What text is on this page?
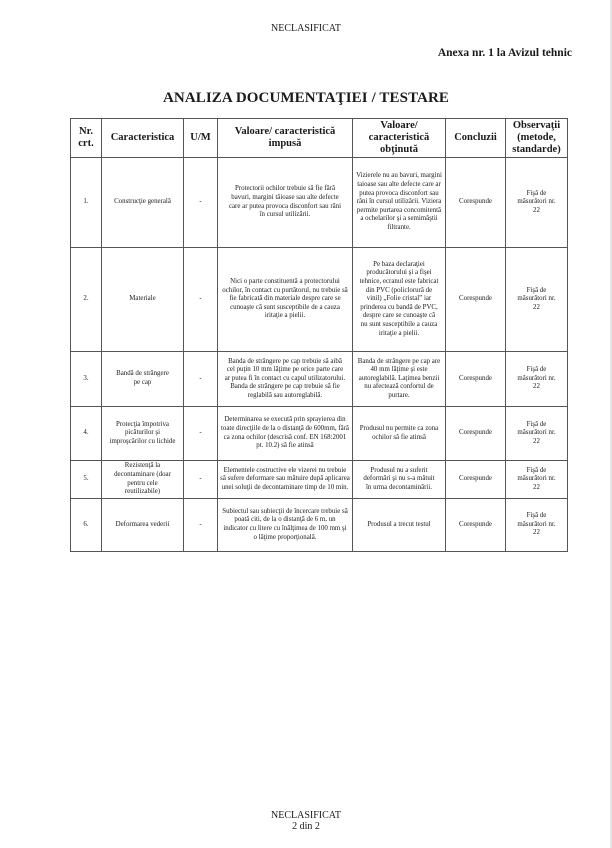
NECLASIFICAT
Anexa nr. 1 la Avizul tehnic
ANALIZA DOCUMENTAŢIEI / TESTARE
Nr. crt.	Caracteristica	U/M	Valoare/ caracteristică impusă	Valoare/ caracteristică obţinută	Concluzii	Observaţii (metode, standarde)
1.	Construcţie generală	-	Protectorii ochilor trebuie să fie fără bavuri, margini tăioase sau alte defecte care ar putea provoca disconfort sau răni în cursul utilizării.	Vizierele nu au bavuri, margini taioase sau alte defecte care ar putea provoca disconfort sau răni în cursul utilizării. Viziera permite purtarea concomitentă a ochelarilor şi a semimăştii filtrante.	Corespunde	Fişă de măsurători nr. 22
2.	Materiale	-	Nici o parte constituentă a protectorului ochilor, în contact cu purtătorul, nu trebuie să fie fabricată din materiale despre care se cunoaşte că sunt susceptibile de a cauza iritaţie a pielii.	Pe baza declaraţiei producătorului şi a fişei tehnice, ecranul este fabricat din PVC (policlorură de vinil) „Folie cristal” iar prinderea cu bandă de PVC, despre care se cunoaşte că nu sunt susceptibile a cauza iritaţie a pielii.	Corespunde	Fişă de măsurători nr. 22
3.	Bandă de strângere pe cap	-	Banda de strângere pe cap trebuie să aibă cel puţin 10 mm lăţime pe orice parte care ar putea fi în contact cu capul utilizatorului. Banda de strângere pe cap trebuie să fie reglabilă sau autoreglabilă.	Banda de strângere pe cap are 40 mm lăţime şi este autoreglabilă. Laţimea benzii nu afectează confortul de purtare.	Corespunde	Fişă de măsurători nr. 22
4.	Protecţia împotriva picăturilor şi improşcărilor cu lichide	-	Determinarea se execută prin sprayierea din toate direcţiile de la o distanţă de 600mm, fără ca zona ochilor (descrisă conf. EN 168:2001 pt. 10.2) să fie atinsă	Produsul nu permite ca zona ochilor să fie atinsă	Corespunde	Fişă de măsurători nr. 22
5.	Rezistenţă la decontaminare (doar pentru cele reutilizabile)	-	Elementele costructive ele vizerei nu trebuie să sufere deformare sau mătuire după aplicarea unei soluţii de decontaminare timp de 10 min.	Produsul nu a suferit deformări şi nu s-a mătuit în urma decontaminării.	Corespunde	Fişă de măsurători nr. 22
6.	Deformarea vederii	-	Subiectul sau subiecţii de încercare trebuie să poată citi, de la o distanţă de 6 m, un indicator cu litere cu înălţimea de 100 mm şi o lăţime proporţională.	Produsul a trecut testul	Corespunde	Fişă de măsurători nr. 22
NECLASIFICAT
2 din 2
